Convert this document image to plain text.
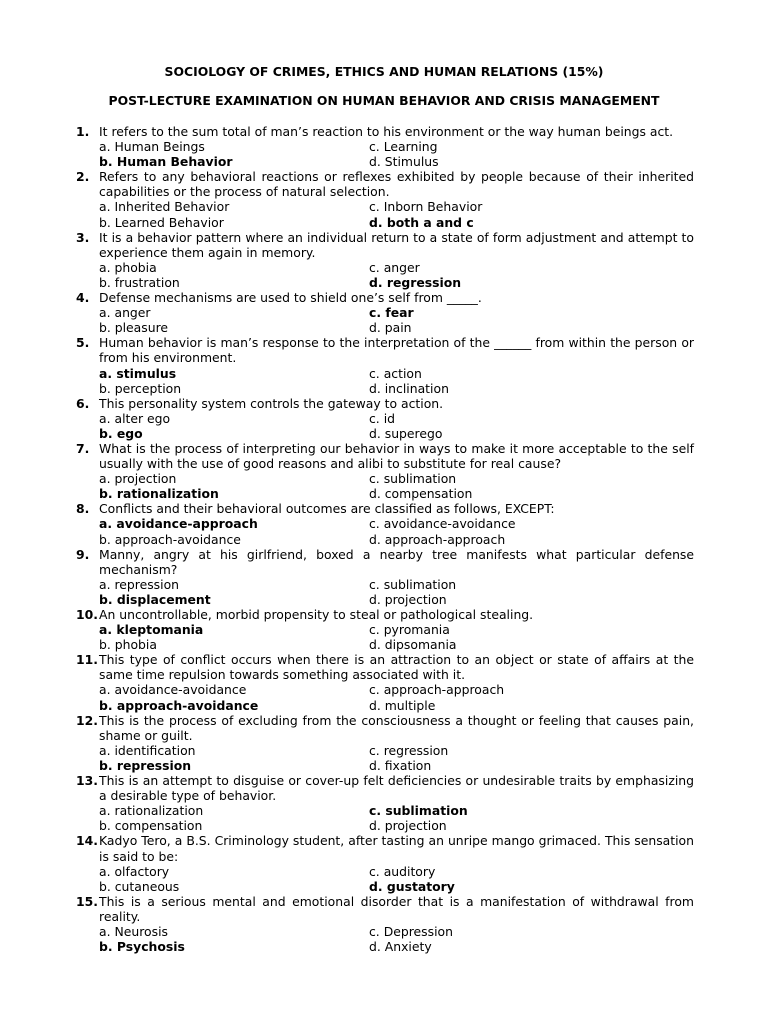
SOCIOLOGY OF CRIMES, ETHICS AND HUMAN RELATIONS (15%)
POST-LECTURE EXAMINATION ON HUMAN BEHAVIOR AND CRISIS MANAGEMENT
1. It refers to the sum total of man’s reaction to his environment or the way human beings act.
a. Human Beings	c. Learning
b. Human Behavior	d. Stimulus
2. Refers to any behavioral reactions or reflexes exhibited by people because of their inherited capabilities or the process of natural selection.
a. Inherited Behavior	c. Inborn Behavior
b. Learned Behavior	d. both a and c
3. It is a behavior pattern where an individual return to a state of form adjustment and attempt to experience them again in memory.
a. phobia	c. anger
b. frustration	d. regression
4. Defense mechanisms are used to shield one’s self from _____.
a. anger	c. fear
b. pleasure	d. pain
5. Human behavior is man’s response to the interpretation of the ______ from within the person or from his environment.
a. stimulus	c. action
b. perception	d. inclination
6. This personality system controls the gateway to action.
a. alter ego	c. id
b. ego	d. superego
7. What is the process of interpreting our behavior in ways to make it more acceptable to the self usually with the use of good reasons and alibi to substitute for real cause?
a. projection	c. sublimation
b. rationalization	d. compensation
8. Conflicts and their behavioral outcomes are classified as follows, EXCEPT:
a. avoidance-approach	c. avoidance-avoidance
b. approach-avoidance	d. approach-approach
9. Manny, angry at his girlfriend, boxed a nearby tree manifests what particular defense mechanism?
a. repression	c. sublimation
b. displacement	d. projection
10. An uncontrollable, morbid propensity to steal or pathological stealing.
a. kleptomania	c. pyromania
b. phobia	d. dipsomania
11. This type of conflict occurs when there is an attraction to an object or state of affairs at the same time repulsion towards something associated with it.
a. avoidance-avoidance	c. approach-approach
b. approach-avoidance	d. multiple
12. This is the process of excluding from the consciousness a thought or feeling that causes pain, shame or guilt.
a. identification	c. regression
b. repression	d. fixation
13. This is an attempt to disguise or cover-up felt deficiencies or undesirable traits by emphasizing a desirable type of behavior.
a. rationalization	c. sublimation
b. compensation	d. projection
14. Kadyo Tero, a B.S. Criminology student, after tasting an unripe mango grimaced. This sensation is said to be:
a. olfactory	c. auditory
b. cutaneous	d. gustatory
15. This is a serious mental and emotional disorder that is a manifestation of withdrawal from reality.
a. Neurosis	c. Depression
b. Psychosis	d. Anxiety
